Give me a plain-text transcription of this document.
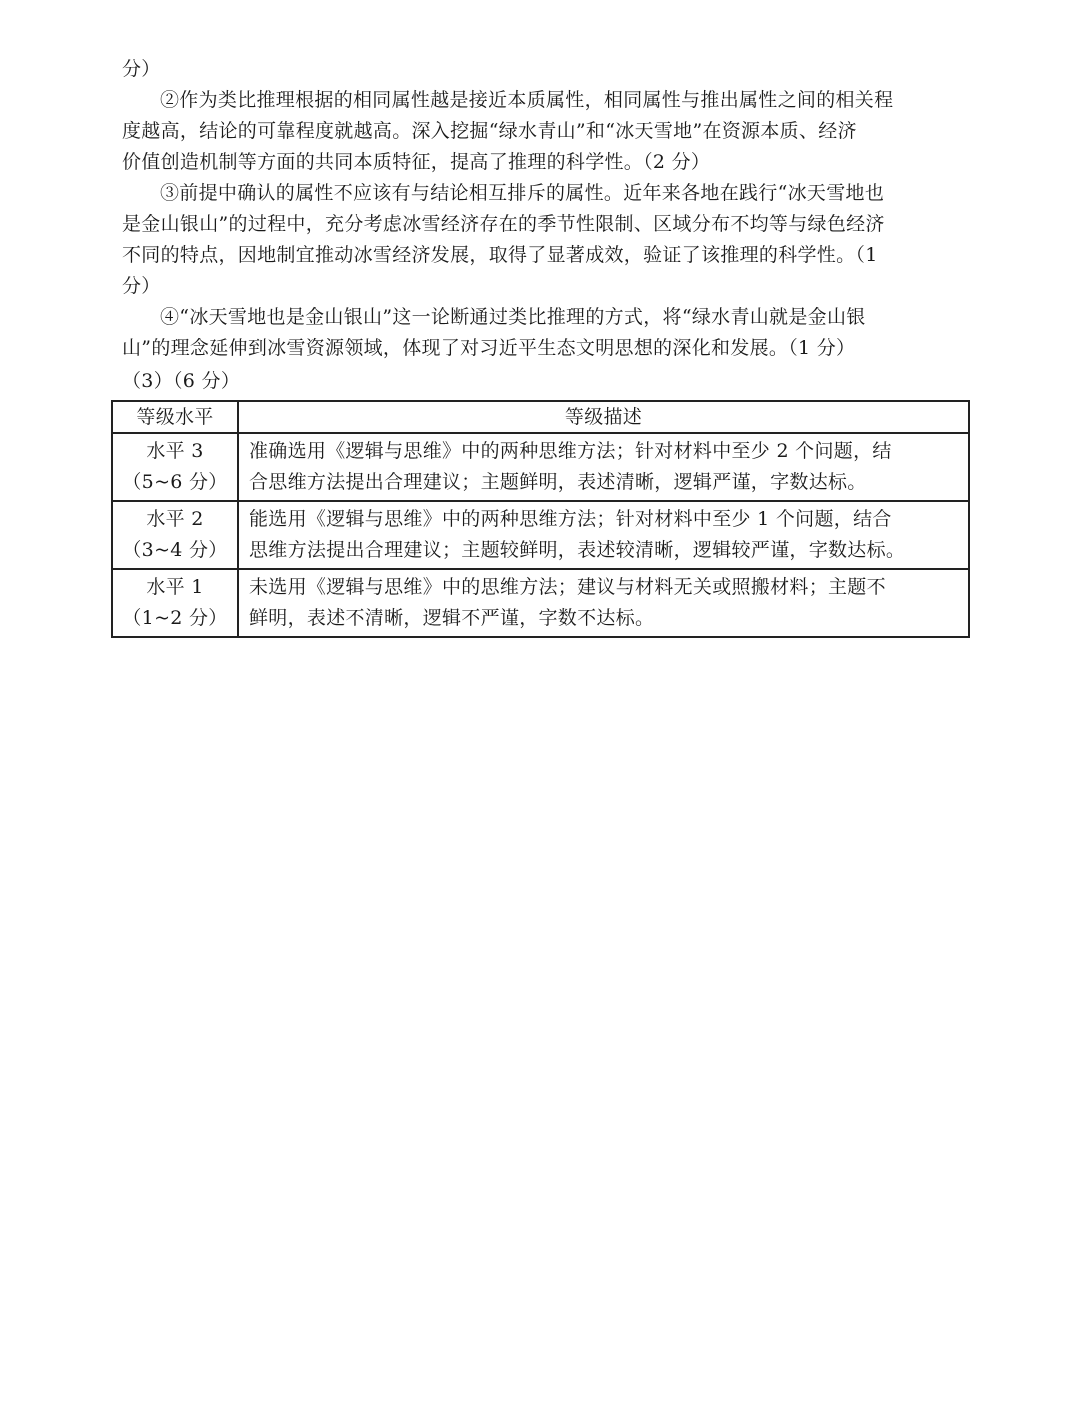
分）
②作为类比推理根据的相同属性越是接近本质属性，相同属性与推出属性之间的相关程
度越高，结论的可靠程度就越高。深入挖掘“绿水青山”和“冰天雪地”在资源本质、经济
价值创造机制等方面的共同本质特征，提高了推理的科学性。（2 分）
③前提中确认的属性不应该有与结论相互排斥的属性。近年来各地在践行“冰天雪地也
是金山银山”的过程中，充分考虑冰雪经济存在的季节性限制、区域分布不均等与绿色经济
不同的特点，因地制宜推动冰雪经济发展，取得了显著成效，验证了该推理的科学性。（1
分）
④“冰天雪地也是金山银山”这一论断通过类比推理的方式，将“绿水青山就是金山银
山”的理念延伸到冰雪资源领域，体现了对习近平生态文明思想的深化和发展。（1 分）
（3）（6 分）
等级水平	等级描述

水平 3
（5~6 分）	准确选用《逻辑与思维》中的两种思维方法；针对材料中至少 2 个问题，结
合思维方法提出合理建议；主题鲜明，表述清晰，逻辑严谨，字数达标。

水平 2
（3~4 分）	能选用《逻辑与思维》中的两种思维方法；针对材料中至少 1 个问题，结合
思维方法提出合理建议；主题较鲜明，表述较清晰，逻辑较严谨，字数达标。

水平 1
（1~2 分）	未选用《逻辑与思维》中的思维方法；建议与材料无关或照搬材料；主题不
鲜明，表述不清晰，逻辑不严谨，字数不达标。
